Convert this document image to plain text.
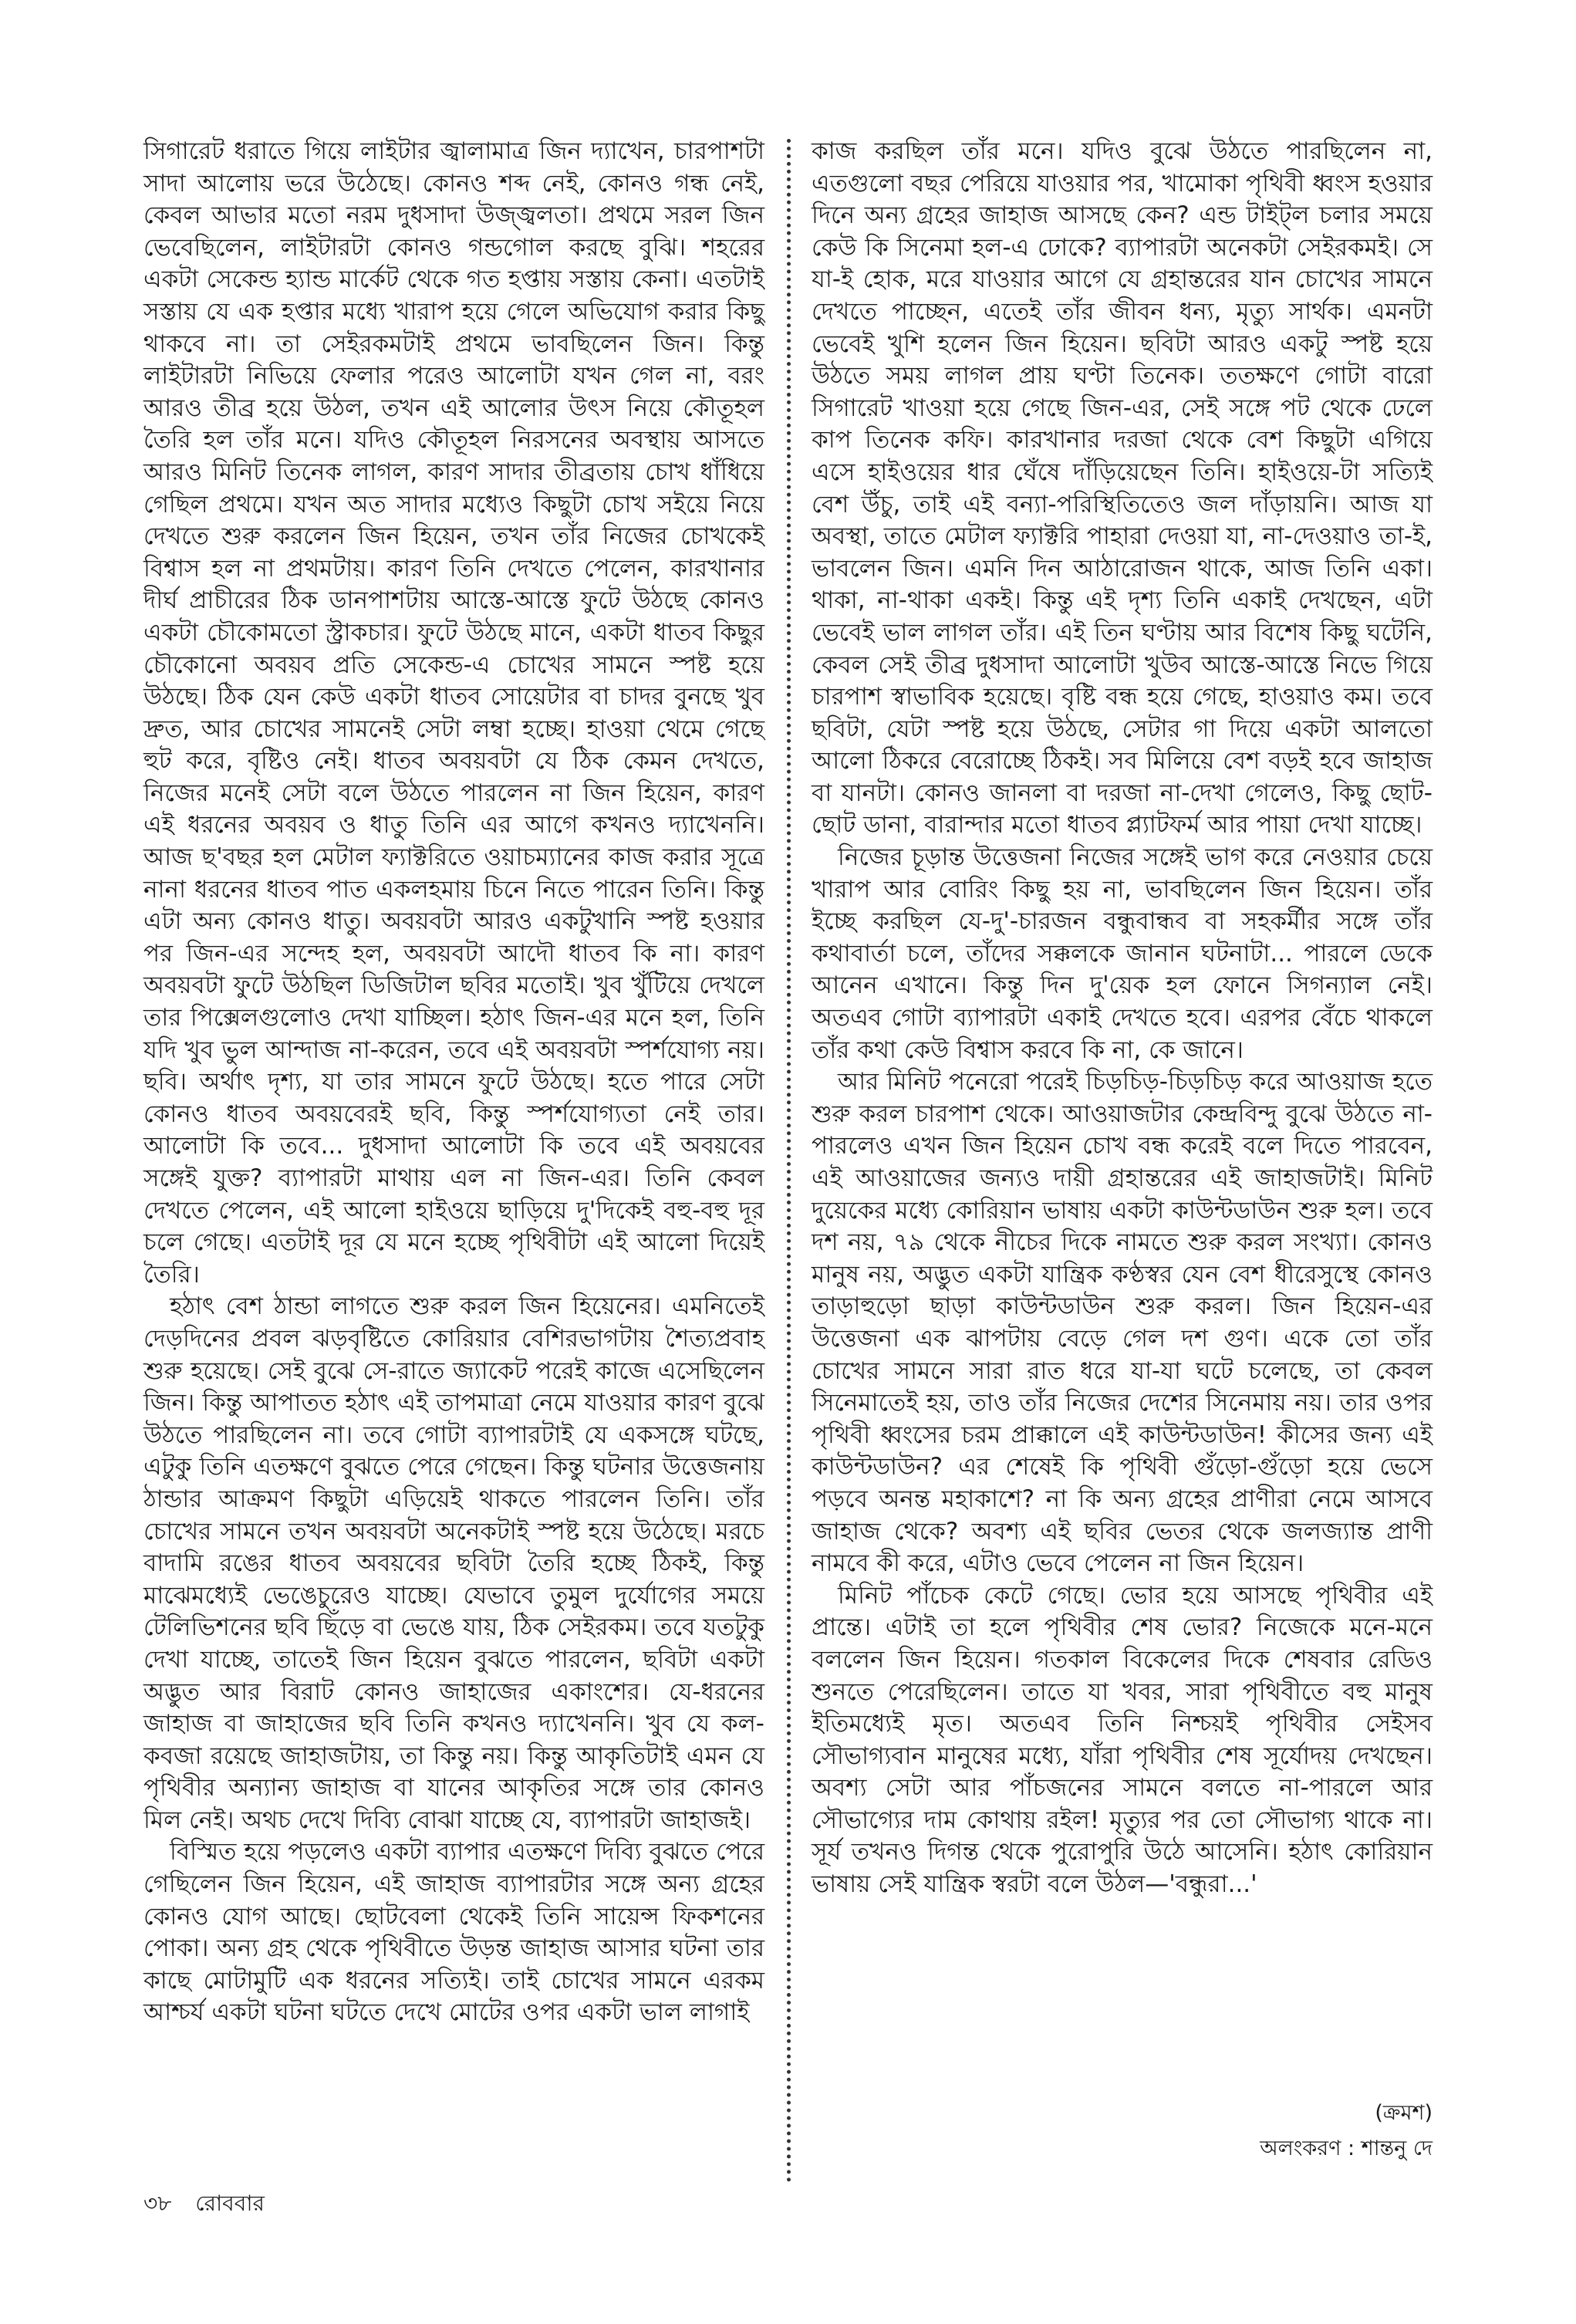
সিগারেট ধরাতে গিয়ে লাইটার জ্বালামাত্র জিন দ্যাখেন, চারপাশটা সাদা আলোয় ভরে উঠেছে। কোনও শব্দ নেই, কোনও গন্ধ নেই, কেবল আভার মতো নরম দুধসাদা উজ্জ্বলতা। প্রথমে সরল জিন ভেবেছিলেন, লাইটারটা কোনও গন্ডগোল করছে বুঝি। শহরের একটা সেকেন্ড হ্যান্ড মার্কেট থেকে গত হপ্তায় সস্তায় কেনা। এতটাই সস্তায় যে এক হপ্তার মধ্যে খারাপ হয়ে গেলে অভিযোগ করার কিছু থাকবে না। তা সেইরকমটাই প্রথমে ভাবছিলেন জিন। কিন্তু লাইটারটা নিভিয়ে ফেলার পরেও আলোটা যখন গেল না, বরং আরও তীব্র হয়ে উঠল, তখন এই আলোর উৎস নিয়ে কৌতূহল তৈরি হল তাঁর মনে। যদিও কৌতূহল নিরসনের অবস্থায় আসতে আরও মিনিট তিনেক লাগল, কারণ সাদার তীব্রতায় চোখ ধাঁধিয়ে গেছিল প্রথমে। যখন অত সাদার মধ্যেও কিছুটা চোখ সইয়ে নিয়ে দেখতে শুরু করলেন জিন হিয়েন, তখন তাঁর নিজের চোখকেই বিশ্বাস হল না প্রথমটায়। কারণ তিনি দেখতে পেলেন, কারখানার দীর্ঘ প্রাচীরের ঠিক ডানপাশটায় আস্তে-আস্তে ফুটে উঠছে কোনও একটা চৌকোমতো স্ট্রাকচার। ফুটে উঠছে মানে, একটা ধাতব কিছুর চৌকোনো অবয়ব প্রতি সেকেন্ড-এ চোখের সামনে স্পষ্ট হয়ে উঠছে। ঠিক যেন কেউ একটা ধাতব সোয়েটার বা চাদর বুনছে খুব দ্রুত, আর চোখের সামনেই সেটা লম্বা হচ্ছে। হাওয়া থেমে গেছে হুট করে, বৃষ্টিও নেই। ধাতব অবয়বটা যে ঠিক কেমন দেখতে, নিজের মনেই সেটা বলে উঠতে পারলেন না জিন হিয়েন, কারণ এই ধরনের অবয়ব ও ধাতু তিনি এর আগে কখনও দ্যাখেননি। আজ ছ'বছর হল মেটাল ফ্যাক্টরিতে ওয়াচম্যানের কাজ করার সূত্রে নানা ধরনের ধাতব পাত একলহমায় চিনে নিতে পারেন তিনি। কিন্তু এটা অন্য কোনও ধাতু। অবয়বটা আরও একটুখানি স্পষ্ট হওয়ার পর জিন-এর সন্দেহ হল, অবয়বটা আদৌ ধাতব কি না। কারণ অবয়বটা ফুটে উঠছিল ডিজিটাল ছবির মতোই। খুব খুঁটিয়ে দেখলে তার পিক্সেলগুলোও দেখা যাচ্ছিল। হঠাৎ জিন-এর মনে হল, তিনি যদি খুব ভুল আন্দাজ না-করেন, তবে এই অবয়বটা স্পর্শযোগ্য নয়। ছবি। অর্থাৎ দৃশ্য, যা তার সামনে ফুটে উঠছে। হতে পারে সেটা কোনও ধাতব অবয়বেরই ছবি, কিন্তু স্পর্শযোগ্যতা নেই তার। আলোটা কি তবে... দুধসাদা আলোটা কি তবে এই অবয়বের সঙ্গেই যুক্ত? ব্যাপারটা মাথায় এল না জিন-এর। তিনি কেবল দেখতে পেলেন, এই আলো হাইওয়ে ছাড়িয়ে দু'দিকেই বহু-বহু দূর চলে গেছে। এতটাই দূর যে মনে হচ্ছে পৃথিবীটা এই আলো দিয়েই তৈরি।

হঠাৎ বেশ ঠান্ডা লাগতে শুরু করল জিন হিয়েনের। এমনিতেই দেড়দিনের প্রবল ঝড়বৃষ্টিতে কোরিয়ার বেশিরভাগটায় শৈত্যপ্রবাহ শুরু হয়েছে। সেই বুঝে সে-রাতে জ্যাকেট পরেই কাজে এসেছিলেন জিন। কিন্তু আপাতত হঠাৎ এই তাপমাত্রা নেমে যাওয়ার কারণ বুঝে উঠতে পারছিলেন না। তবে গোটা ব্যাপারটাই যে একসঙ্গে ঘটছে, এটুকু তিনি এতক্ষণে বুঝতে পেরে গেছেন। কিন্তু ঘটনার উত্তেজনায় ঠান্ডার আক্রমণ কিছুটা এড়িয়েই থাকতে পারলেন তিনি। তাঁর চোখের সামনে তখন অবয়বটা অনেকটাই স্পষ্ট হয়ে উঠেছে। মরচে বাদামি রঙের ধাতব অবয়বের ছবিটা তৈরি হচ্ছে ঠিকই, কিন্তু মাঝেমধ্যেই ভেঙেচুরেও যাচ্ছে। যেভাবে তুমুল দুর্যোগের সময়ে টেলিভিশনের ছবি ছিঁড়ে বা ভেঙে যায়, ঠিক সেইরকম। তবে যতটুকু দেখা যাচ্ছে, তাতেই জিন হিয়েন বুঝতে পারলেন, ছবিটা একটা অদ্ভুত আর বিরাট কোনও জাহাজের একাংশের। যে-ধরনের জাহাজ বা জাহাজের ছবি তিনি কখনও দ্যাখেননি। খুব যে কল-কবজা রয়েছে জাহাজটায়, তা কিন্তু নয়। কিন্তু আকৃতিটাই এমন যে পৃথিবীর অন্যান্য জাহাজ বা যানের আকৃতির সঙ্গে তার কোনও মিল নেই। অথচ দেখে দিব্যি বোঝা যাচ্ছে যে, ব্যাপারটা জাহাজই।

বিস্মিত হয়ে পড়লেও একটা ব্যাপার এতক্ষণে দিব্যি বুঝতে পেরে গেছিলেন জিন হিয়েন, এই জাহাজ ব্যাপারটার সঙ্গে অন্য গ্রহের কোনও যোগ আছে। ছোটবেলা থেকেই তিনি সায়েন্স ফিকশনের পোকা। অন্য গ্রহ থেকে পৃথিবীতে উড়ন্ত জাহাজ আসার ঘটনা তার কাছে মোটামুটি এক ধরনের সত্যিই। তাই চোখের সামনে এরকম আশ্চর্য একটা ঘটনা ঘটতে দেখে মোটের ওপর একটা ভাল লাগাই

কাজ করছিল তাঁর মনে। যদিও বুঝে উঠতে পারছিলেন না, এতগুলো বছর পেরিয়ে যাওয়ার পর, খামোকা পৃথিবী ধ্বংস হওয়ার দিনে অন্য গ্রহের জাহাজ আসছে কেন? এন্ড টাইট্‌ল চলার সময়ে কেউ কি সিনেমা হল-এ ঢোকে? ব্যাপারটা অনেকটা সেইরকমই। সে যা-ই হোক, মরে যাওয়ার আগে যে গ্রহান্তরের যান চোখের সামনে দেখতে পাচ্ছেন, এতেই তাঁর জীবন ধন্য, মৃত্যু সার্থক। এমনটা ভেবেই খুশি হলেন জিন হিয়েন। ছবিটা আরও একটু স্পষ্ট হয়ে উঠতে সময় লাগল প্রায় ঘণ্টা তিনেক। ততক্ষণে গোটা বারো সিগারেট খাওয়া হয়ে গেছে জিন-এর, সেই সঙ্গে পট থেকে ঢেলে কাপ তিনেক কফি। কারখানার দরজা থেকে বেশ কিছুটা এগিয়ে এসে হাইওয়ের ধার ঘেঁষে দাঁড়িয়েছেন তিনি। হাইওয়ে-টা সত্যিই বেশ উঁচু, তাই এই বন্যা-পরিস্থিতিতেও জল দাঁড়ায়নি। আজ যা অবস্থা, তাতে মেটাল ফ্যাক্টরি পাহারা দেওয়া যা, না-দেওয়াও তা-ই, ভাবলেন জিন। এমনি দিন আঠারোজন থাকে, আজ তিনি একা। থাকা, না-থাকা একই। কিন্তু এই দৃশ্য তিনি একাই দেখছেন, এটা ভেবেই ভাল লাগল তাঁর। এই তিন ঘণ্টায় আর বিশেষ কিছু ঘটেনি, কেবল সেই তীব্র দুধসাদা আলোটা খুউব আস্তে-আস্তে নিভে গিয়ে চারপাশ স্বাভাবিক হয়েছে। বৃষ্টি বন্ধ হয়ে গেছে, হাওয়াও কম। তবে ছবিটা, যেটা স্পষ্ট হয়ে উঠছে, সেটার গা দিয়ে একটা আলতো আলো ঠিকরে বেরোচ্ছে ঠিকই। সব মিলিয়ে বেশ বড়ই হবে জাহাজ বা যানটা। কোনও জানলা বা দরজা না-দেখা গেলেও, কিছু ছোট-ছোট ডানা, বারান্দার মতো ধাতব প্ল্যাটফর্ম আর পায়া দেখা যাচ্ছে।

নিজের চূড়ান্ত উত্তেজনা নিজের সঙ্গেই ভাগ করে নেওয়ার চেয়ে খারাপ আর বোরিং কিছু হয় না, ভাবছিলেন জিন হিয়েন। তাঁর ইচ্ছে করছিল যে-দু'-চারজন বন্ধুবান্ধব বা সহকর্মীর সঙ্গে তাঁর কথাবার্তা চলে, তাঁদের সক্কলকে জানান ঘটনাটা... পারলে ডেকে আনেন এখানে। কিন্তু দিন দু'য়েক হল ফোনে সিগন্যাল নেই। অতএব গোটা ব্যাপারটা একাই দেখতে হবে। এরপর বেঁচে থাকলে তাঁর কথা কেউ বিশ্বাস করবে কি না, কে জানে।

আর মিনিট পনেরো পরেই চিড়চিড়-চিড়চিড় করে আওয়াজ হতে শুরু করল চারপাশ থেকে। আওয়াজটার কেন্দ্রবিন্দু বুঝে উঠতে না-পারলেও এখন জিন হিয়েন চোখ বন্ধ করেই বলে দিতে পারবেন, এই আওয়াজের জন্যও দায়ী গ্রহান্তরের এই জাহাজটাই। মিনিট দুয়েকের মধ্যে কোরিয়ান ভাষায় একটা কাউন্টডাউন শুরু হল। তবে দশ নয়, ৭৯ থেকে নীচের দিকে নামতে শুরু করল সংখ্যা। কোনও মানুষ নয়, অদ্ভুত একটা যান্ত্রিক কণ্ঠস্বর যেন বেশ ধীরেসুস্থে কোনও তাড়াহুড়ো ছাড়া কাউন্টডাউন শুরু করল। জিন হিয়েন-এর উত্তেজনা এক ঝাপটায় বেড়ে গেল দশ গুণ। একে তো তাঁর চোখের সামনে সারা রাত ধরে যা-যা ঘটে চলেছে, তা কেবল সিনেমাতেই হয়, তাও তাঁর নিজের দেশের সিনেমায় নয়। তার ওপর পৃথিবী ধ্বংসের চরম প্রাক্কালে এই কাউন্টডাউন! কীসের জন্য এই কাউন্টডাউন? এর শেষেই কি পৃথিবী গুঁড়ো-গুঁড়ো হয়ে ভেসে পড়বে অনন্ত মহাকাশে? না কি অন্য গ্রহের প্রাণীরা নেমে আসবে জাহাজ থেকে? অবশ্য এই ছবির ভেতর থেকে জলজ্যান্ত প্রাণী নামবে কী করে, এটাও ভেবে পেলেন না জিন হিয়েন।

মিনিট পাঁচেক কেটে গেছে। ভোর হয়ে আসছে পৃথিবীর এই প্রান্তে। এটাই তা হলে পৃথিবীর শেষ ভোর? নিজেকে মনে-মনে বললেন জিন হিয়েন। গতকাল বিকেলের দিকে শেষবার রেডিও শুনতে পেরেছিলেন। তাতে যা খবর, সারা পৃথিবীতে বহু মানুষ ইতিমধ্যেই মৃত। অতএব তিনি নিশ্চয়ই পৃথিবীর সেইসব সৌভাগ্যবান মানুষের মধ্যে, যাঁরা পৃথিবীর শেষ সূর্যোদয় দেখছেন। অবশ্য সেটা আর পাঁচজনের সামনে বলতে না-পারলে আর সৌভাগ্যের দাম কোথায় রইল! মৃত্যুর পর তো সৌভাগ্য থাকে না। সূর্য তখনও দিগন্ত থেকে পুরোপুরি উঠে আসেনি। হঠাৎ কোরিয়ান ভাষায় সেই যান্ত্রিক স্বরটা বলে উঠল—'বন্ধুরা...'

(ক্রমশ)
অলংকরণ : শান্তনু দে
৩৮ রোববার
